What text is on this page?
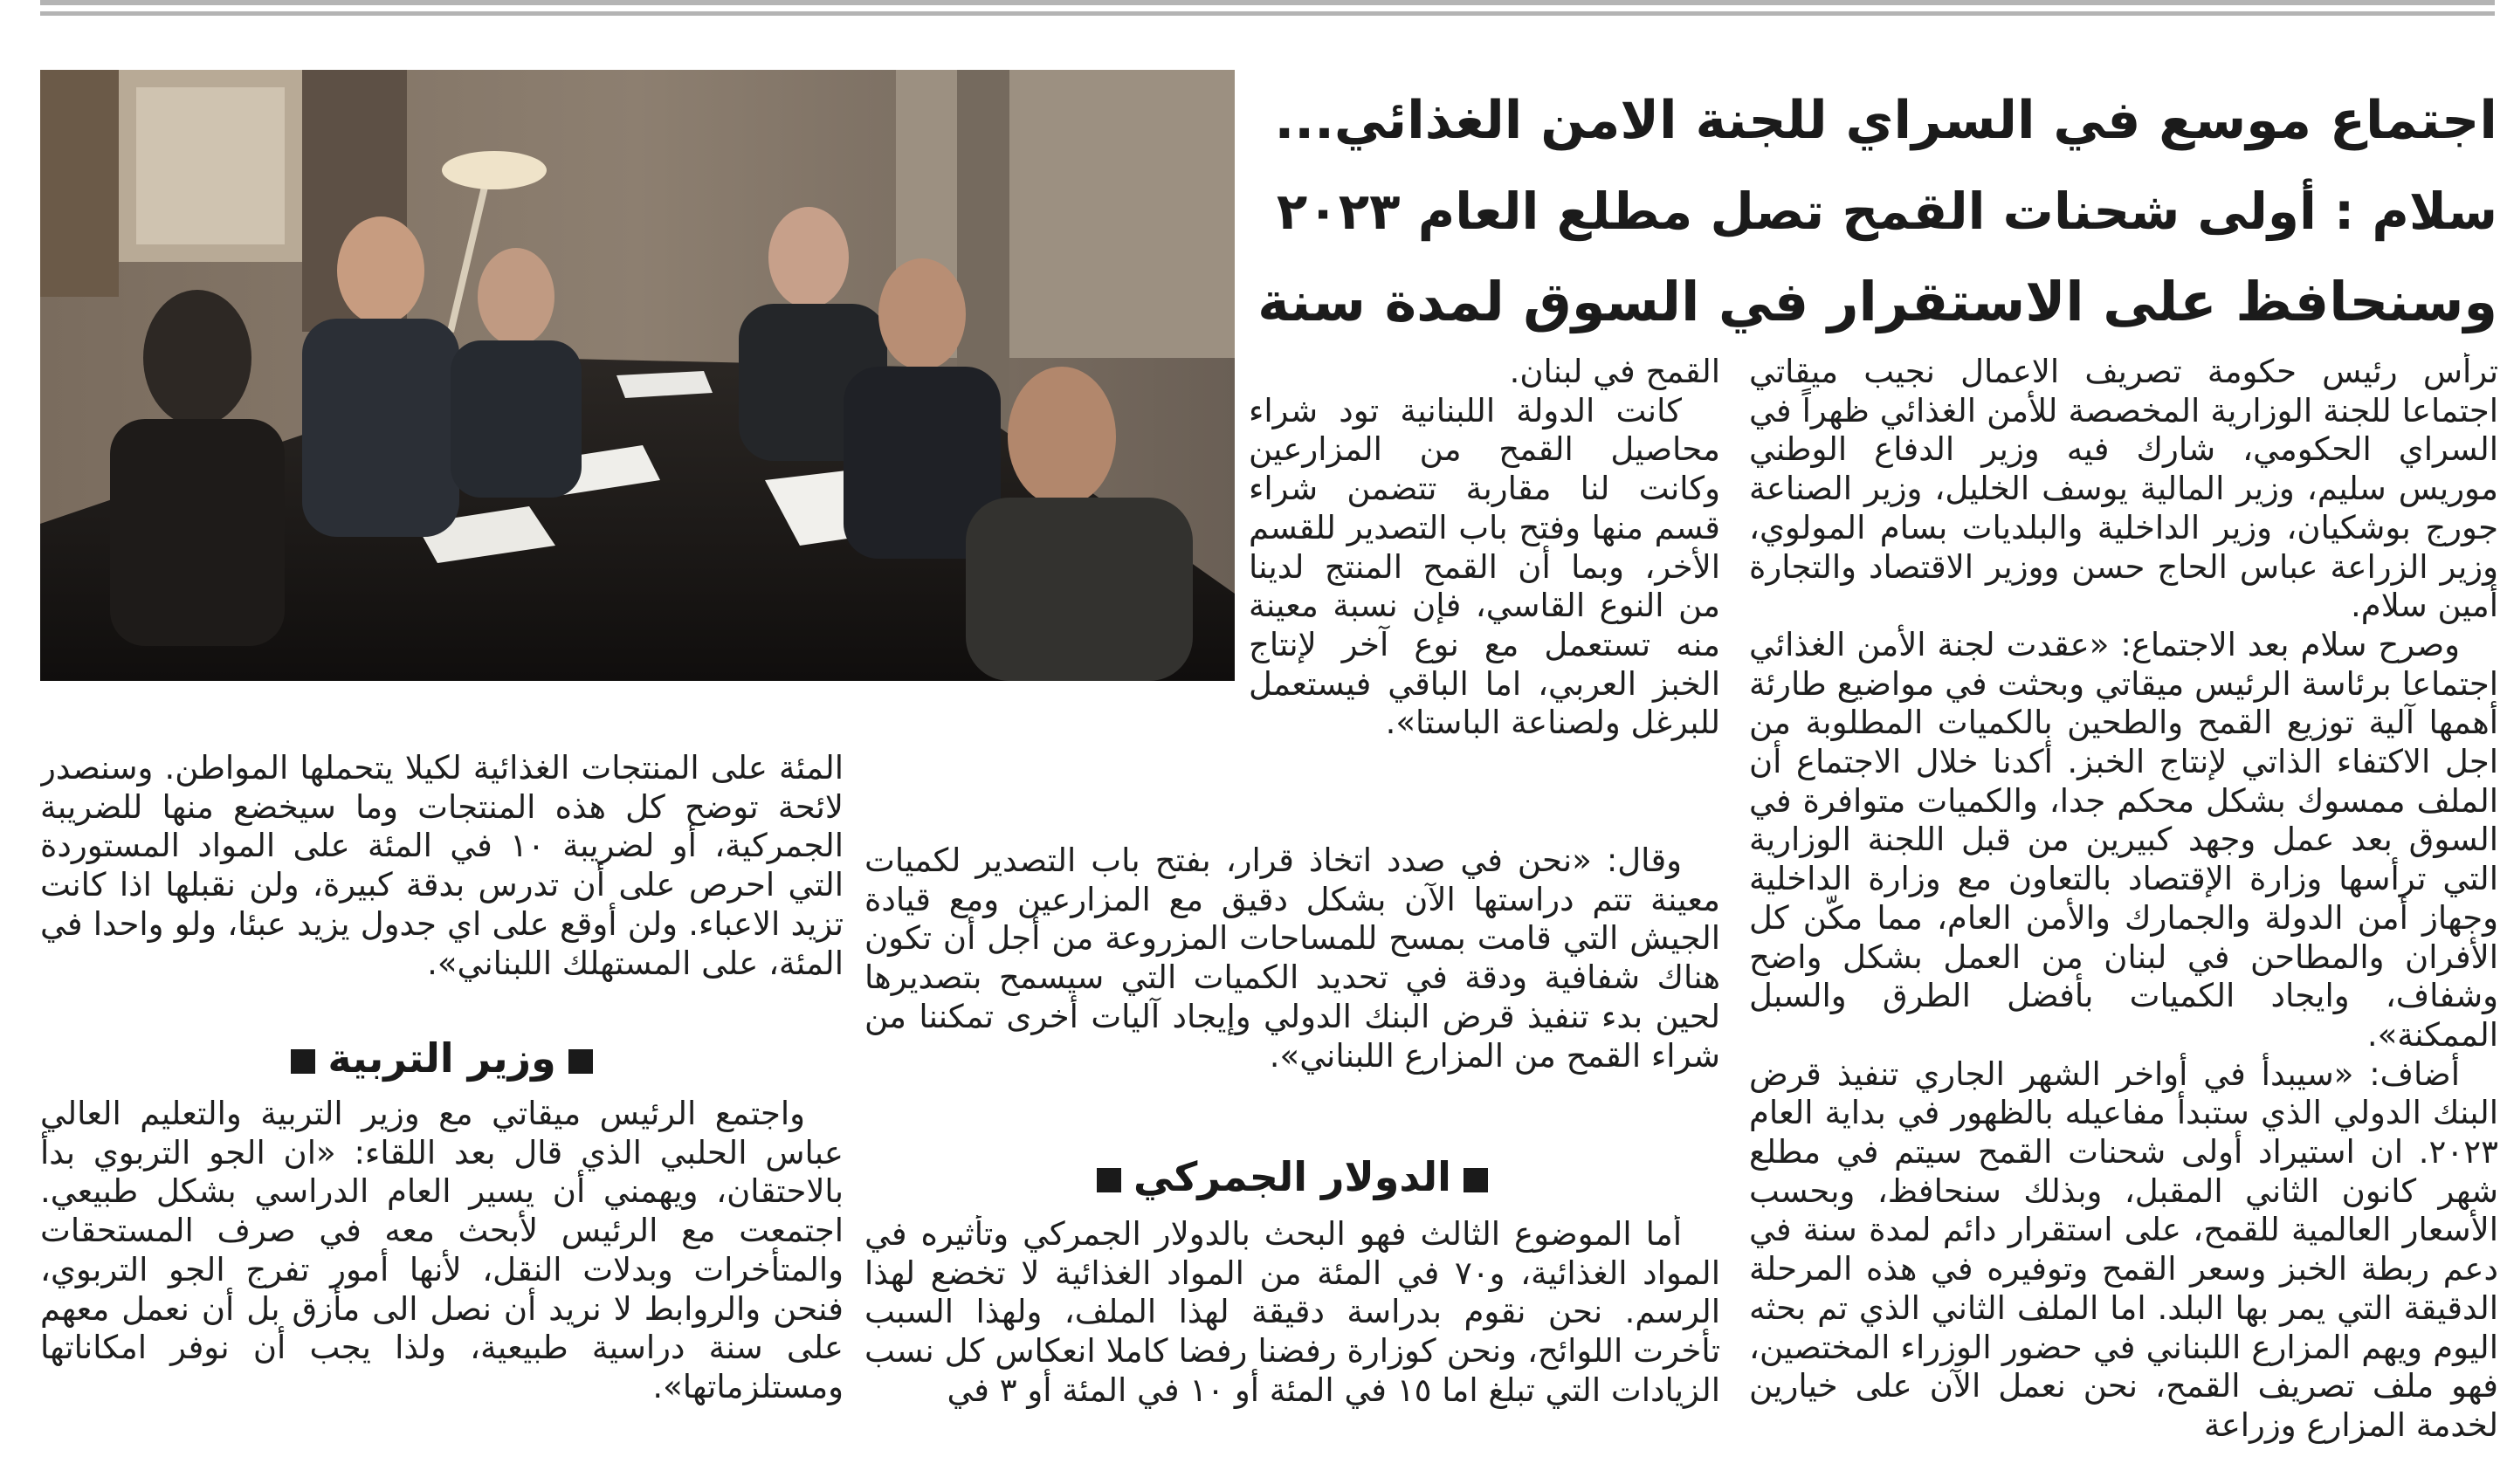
اجتماع موسع في السراي للجنة الامن الغذائي...
سلام : أولى شحنات القمح تصل مطلع العام ٢٠٢٣
وسنحافظ على الاستقرار في السوق لمدة سنة

ترأس رئيس حكومة تصريف الاعمال نجيب ميقاتي اجتماعا للجنة الوزارية المخصصة للأمن الغذائي ظهراً في السراي الحكومي، شارك فيه وزير الدفاع الوطني موريس سليم، وزير المالية يوسف الخليل، وزير الصناعة جورج بوشكيان، وزير الداخلية والبلديات بسام المولوي، وزير الزراعة عباس الحاج حسن ووزير الاقتصاد والتجارة أمين سلام.

وصرح سلام بعد الاجتماع: «عقدت لجنة الأمن الغذائي اجتماعا برئاسة الرئيس ميقاتي وبحثت في مواضيع طارئة أهمها آلية توزيع القمح والطحين بالكميات المطلوبة من اجل الاكتفاء الذاتي لإنتاج الخبز. أكدنا خلال الاجتماع أن الملف ممسوك بشكل محكم جدا، والكميات متوافرة في السوق بعد عمل وجهد كبيرين من قبل اللجنة الوزارية التي ترأسها وزارة الإقتصاد بالتعاون مع وزارة الداخلية وجهاز أمن الدولة والجمارك والأمن العام، مما مكّن كل الأفران والمطاحن في لبنان من العمل بشكل واضح وشفاف، وايجاد الكميات بأفضل الطرق والسبل الممكنة».

أضاف: «سيبدأ في أواخر الشهر الجاري تنفيذ قرض البنك الدولي الذي ستبدأ مفاعيله بالظهور في بداية العام ٢٠٢٣. ان استيراد أولى شحنات القمح سيتم في مطلع شهر كانون الثاني المقبل، وبذلك سنحافظ، وبحسب الأسعار العالمية للقمح، على استقرار دائم لمدة سنة في دعم ربطة الخبز وسعر القمح وتوفيره في هذه المرحلة الدقيقة التي يمر بها البلد. اما الملف الثاني الذي تم بحثه اليوم ويهم المزارع اللبناني في حضور الوزراء المختصين، فهو ملف تصريف القمح، نحن نعمل الآن على خيارين لخدمة المزارع وزراعة

القمح في لبنان.

كانت الدولة اللبنانية تود شراء محاصيل القمح من المزارعين وكانت لنا مقاربة تتضمن شراء قسم منها وفتح باب التصدير للقسم الأخر، وبما أن القمح المنتج لدينا من النوع القاسي، فإن نسبة معينة منه تستعمل مع نوع آخر لإنتاج الخبز العربي، اما الباقي فيستعمل للبرغل ولصناعة الباستا».

وقال: «نحن في صدد اتخاذ قرار، بفتح باب التصدير لكميات معينة تتم دراستها الآن بشكل دقيق مع المزارعين ومع قيادة الجيش التي قامت بمسح للمساحات المزروعة من أجل أن تكون هناك شفافية ودقة في تحديد الكميات التي سيسمح بتصديرها لحين بدء تنفيذ قرض البنك الدولي وإيجاد آليات أخرى تمكننا من شراء القمح من المزارع اللبناني».

الدولار الجمركي

أما الموضوع الثالث فهو البحث بالدولار الجمركي وتأثيره في المواد الغذائية، و٧٠ في المئة من المواد الغذائية لا تخضع لهذا الرسم. نحن نقوم بدراسة دقيقة لهذا الملف، ولهذا السبب تأخرت اللوائح، ونحن كوزارة رفضنا رفضا كاملا انعكاس كل نسب الزيادات التي تبلغ اما ١٥ في المئة أو ١٠ في المئة أو ٣ في

المئة على المنتجات الغذائية لكيلا يتحملها المواطن. وسنصدر لائحة توضح كل هذه المنتجات وما سيخضع منها للضريبة الجمركية، أو لضريبة ١٠ في المئة على المواد المستوردة التي احرص على أن تدرس بدقة كبيرة، ولن نقبلها اذا كانت تزيد الاعباء. ولن أوقع على اي جدول يزيد عبئا، ولو واحدا في المئة، على المستهلك اللبناني».

وزير التربية

واجتمع الرئيس ميقاتي مع وزير التربية والتعليم العالي عباس الحلبي الذي قال بعد اللقاء: «ان الجو التربوي بدأ بالاحتقان، ويهمني أن يسير العام الدراسي بشكل طبيعي. اجتمعت مع الرئيس لأبحث معه في صرف المستحقات والمتأخرات وبدلات النقل، لأنها أمور تفرج الجو التربوي، فنحن والروابط لا نريد أن نصل الى مأزق بل أن نعمل معهم على سنة دراسية طبيعية، ولذا يجب أن نوفر امكاناتها ومستلزماتها».
